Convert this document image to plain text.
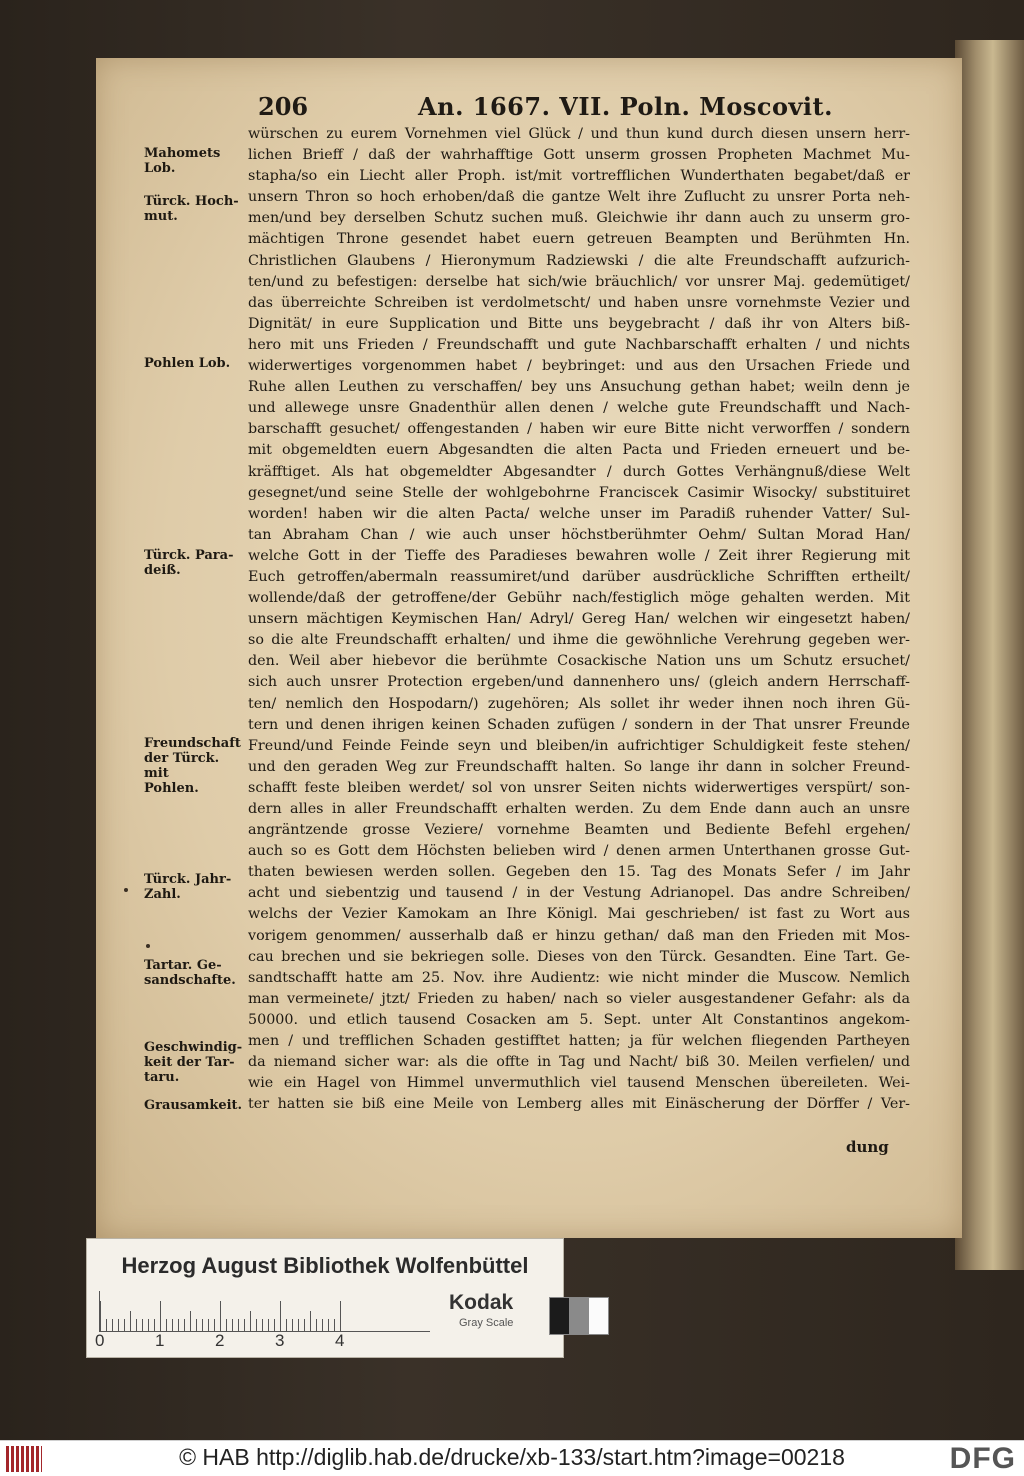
206	An. 1667. VII. Poln. Moscovit.
würschen zu eurem Vornehmen viel Glück / und thun kund durch diesen unsern herr-
lichen Brieff / daß der wahrhafftige Gott unserm grossen Propheten Machmet Mu-
stapha/so ein Liecht aller Proph. ist/mit vortrefflichen Wunderthaten begabet/daß er
unsern Thron so hoch erhoben/daß die gantze Welt ihre Zuflucht zu unsrer Porta neh-
men/und bey derselben Schutz suchen muß. Gleichwie ihr dann auch zu unserm gro-
mächtigen Throne gesendet habet euern getreuen Beampten und Berühmten Hn.
Christlichen Glaubens / Hieronymum Radziewski / die alte Freundschafft aufzurich-
ten/und zu befestigen: derselbe hat sich/wie bräuchlich/ vor unsrer Maj. gedemütiget/
das überreichte Schreiben ist verdolmetscht/ und haben unsre vornehmste Vezier und
Dignität/ in eure Supplication und Bitte uns beygebracht / daß ihr von Alters biß-
hero mit uns Frieden / Freundschafft und gute Nachbarschafft erhalten / und nichts
widerwertiges vorgenommen habet / beybringet: und aus den Ursachen Friede und
Ruhe allen Leuthen zu verschaffen/ bey uns Ansuchung gethan habet; weiln denn je
und allewege unsre Gnadenthür allen denen / welche gute Freundschafft und Nach-
barschafft gesuchet/ offengestanden / haben wir eure Bitte nicht verworffen / sondern
mit obgemeldten euern Abgesandten die alten Pacta und Frieden erneuert und be-
kräfftiget. Als hat obgemeldter Abgesandter / durch Gottes Verhängnuß/diese Welt
gesegnet/und seine Stelle der wohlgebohrne Franciscek Casimir Wisocky/ substituiret
worden! haben wir die alten Pacta/ welche unser im Paradiß ruhender Vatter/ Sul-
tan Abraham Chan / wie auch unser höchstberühmter Oehm/ Sultan Morad Han/
welche Gott in der Tieffe des Paradieses bewahren wolle / Zeit ihrer Regierung mit
Euch getroffen/abermaln reassumiret/und darüber ausdrückliche Schrifften ertheilt/
wollende/daß der getroffene/der Gebühr nach/festiglich möge gehalten werden. Mit
unsern mächtigen Keymischen Han/ Adryl/ Gereg Han/ welchen wir eingesetzt haben/
so die alte Freundschafft erhalten/ und ihme die gewöhnliche Verehrung gegeben wer-
den. Weil aber hiebevor die berühmte Cosackische Nation uns um Schutz ersuchet/
sich auch unsrer Protection ergeben/und dannenhero uns/ (gleich andern Herrschaff-
ten/ nemlich den Hospodarn/) zugehören; Als sollet ihr weder ihnen noch ihren Gü-
tern und denen ihrigen keinen Schaden zufügen / sondern in der That unsrer Freunde
Freund/und Feinde Feinde seyn und bleiben/in aufrichtiger Schuldigkeit feste stehen/
und den geraden Weg zur Freundschafft halten. So lange ihr dann in solcher Freund-
schafft feste bleiben werdet/ sol von unsrer Seiten nichts widerwertiges verspürt/ son-
dern alles in aller Freundschafft erhalten werden. Zu dem Ende dann auch an unsre
angräntzende grosse Veziere/ vornehme Beamten und Bediente Befehl ergehen/
auch so es Gott dem Höchsten belieben wird / denen armen Unterthanen grosse Gut-
thaten bewiesen werden sollen. Gegeben den 15. Tag des Monats Sefer / im Jahr
acht und siebentzig und tausend / in der Vestung Adrianopel. Das andre Schreiben/
welchs der Vezier Kamokam an Ihre Königl. Mai geschrieben/ ist fast zu Wort aus
vorigem genommen/ ausserhalb daß er hinzu gethan/ daß man den Frieden mit Mos-
cau brechen und sie bekriegen solle. Dieses von den Türck. Gesandten. Eine Tart. Ge-
sandtschafft hatte am 25. Nov. ihre Audientz: wie nicht minder die Muscow. Nemlich
man vermeinete/ jtzt/ Frieden zu haben/ nach so vieler ausgestandener Gefahr: als da
50000. und etlich tausend Cosacken am 5. Sept. unter Alt Constantinos angekom-
men / und trefflichen Schaden gestifftet hatten; ja für welchen fliegenden Partheyen
da niemand sicher war: als die offte in Tag und Nacht/ biß 30. Meilen verfielen/ und
wie ein Hagel von Himmel unvermuthlich viel tausend Menschen übereileten. Wei-
ter hatten sie biß eine Meile von Lemberg alles mit Einäscherung der Dörffer / Ver-
dung
Mahomets
Lob.
Türck. Hoch-
mut.
Pohlen Lob.
Türck. Para-
deiß.
Freundschaft
der Türck. mit
Pohlen.
Türck. Jahr-
Zahl.
Tartar. Ge-
sandschafte.
Geschwindig-
keit der Tar-
taru.
Grausamkeit.
Herzog August Bibliothek Wolfenbüttel
0	1	2	3	4
Kodak
Gray Scale
© HAB http://diglib.hab.de/drucke/xb-133/start.htm?image=00218	DFG
